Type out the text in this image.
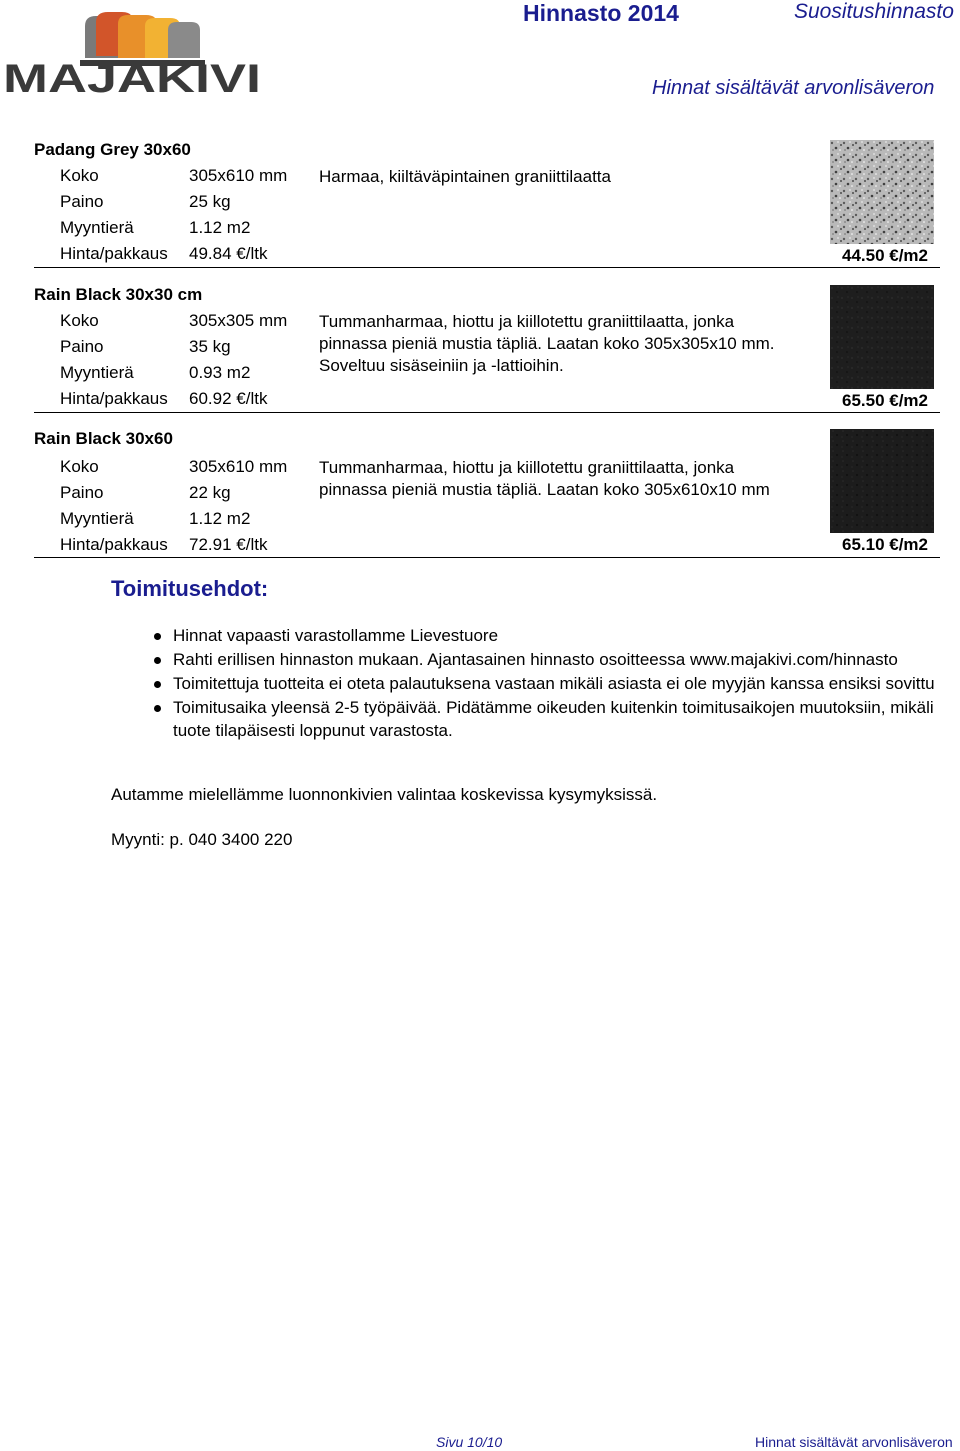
MAJAKIVI
Hinnasto 2014	Suositushinnasto
Hinnat sisältävät arvonlisäveron
Padang Grey 30x60
Koko	305x610 mm
Paino	25 kg
Myyntierä	1.12 m2
Hinta/pakkaus 49.84 €/ltk
Harmaa, kiiltäväpintainen graniittilaatta
44.50 €/m2
Rain Black 30x30 cm
Koko	305x305 mm
Paino	35 kg
Myyntierä	0.93 m2
Hinta/pakkaus 60.92 €/ltk
Tummanharmaa, hiottu ja kiillotettu graniittilaatta, jonka pinnassa pieniä mustia täpliä. Laatan koko 305x305x10 mm. Soveltuu sisäseiniin ja -lattioihin.
65.50 €/m2
Rain Black 30x60
Koko	305x610 mm
Paino	22 kg
Myyntierä	1.12 m2
Hinta/pakkaus 72.91 €/ltk
Tummanharmaa, hiottu ja kiillotettu graniittilaatta, jonka pinnassa pieniä mustia täpliä. Laatan koko 305x610x10 mm
65.10 €/m2
Toimitusehdot:
Hinnat vapaasti varastollamme Lievestuore
Rahti erillisen hinnaston mukaan. Ajantasainen hinnasto osoitteessa www.majakivi.com/hinnasto
Toimitettuja tuotteita ei oteta palautuksena vastaan mikäli asiasta ei ole myyjän kanssa ensiksi sovittu
Toimitusaika yleensä 2-5 työpäivää. Pidätämme oikeuden kuitenkin toimitusaikojen muutoksiin, mikäli tuote tilapäisesti loppunut varastosta.
Autamme mielellämme luonnonkivien valintaa koskevissa kysymyksissä.
Myynti: p. 040 3400 220
Sivu 10/10	Hinnat sisältävät arvonlisäveron
